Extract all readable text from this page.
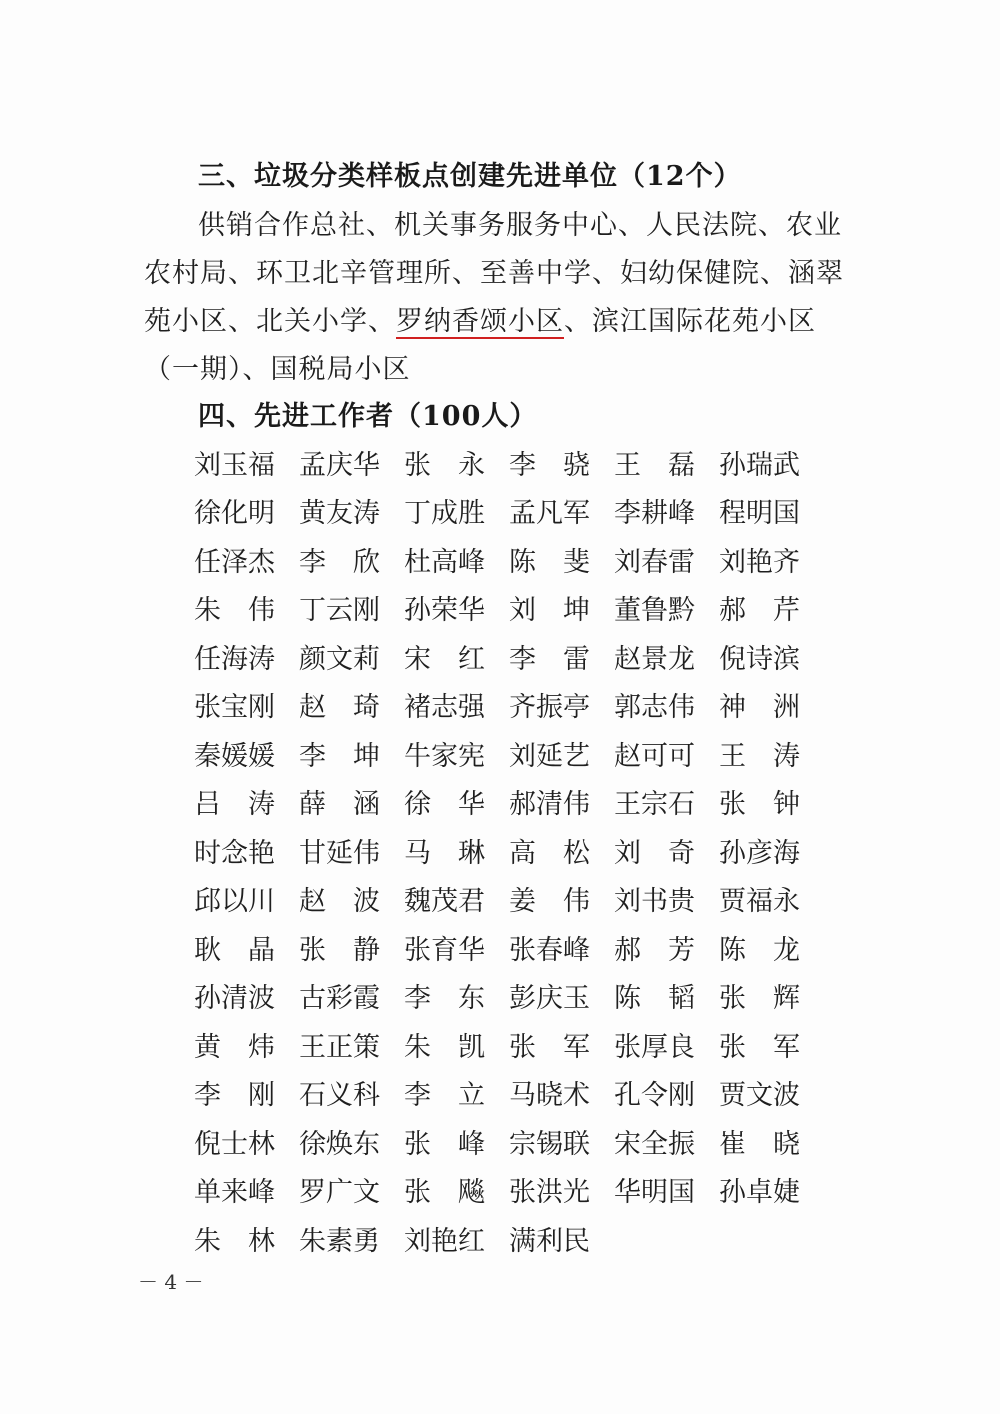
三、垃圾分类样板点创建先进单位（12个）
供销合作总社、机关事务服务中心、人民法院、农业农村局、环卫北辛管理所、至善中学、妇幼保健院、涵翠苑小区、北关小学、罗纳香颂小区、滨江国际花苑小区（一期）、国税局小区
四、先进工作者（100人）
刘玉福 孟庆华 张　永 李　骁 王　磊 孙瑞武
徐化明 黄友涛 丁成胜 孟凡军 李耕峰 程明国
任泽杰 李　欣 杜高峰 陈　斐 刘春雷 刘艳齐
朱　伟 丁云刚 孙荣华 刘　坤 董鲁黔 郝　芹
任海涛 颜文莉 宋　红 李　雷 赵景龙 倪诗滨
张宝刚 赵　琦 褚志强 齐振亭 郭志伟 神　洲
秦媛媛 李　坤 牛家宪 刘延艺 赵可可 王　涛
吕　涛 薛　涵 徐　华 郝清伟 王宗石 张　钟
时念艳 甘延伟 马　琳 高　松 刘　奇 孙彦海
邱以川 赵　波 魏茂君 姜　伟 刘书贵 贾福永
耿　晶 张　静 张育华 张春峰 郝　芳 陈　龙
孙清波 古彩霞 李　东 彭庆玉 陈　韬 张　辉
黄　炜 王正策 朱　凯 张　军 张厚良 张　军
李　刚 石义科 李　立 马晓术 孔令刚 贾文波
倪士林 徐焕东 张　峰 宗锡联 宋全振 崔　晓
单来峰 罗广文 张　飚 张洪光 华明国 孙卓婕
朱　林 朱素勇 刘艳红 满利民
－ 4 －
